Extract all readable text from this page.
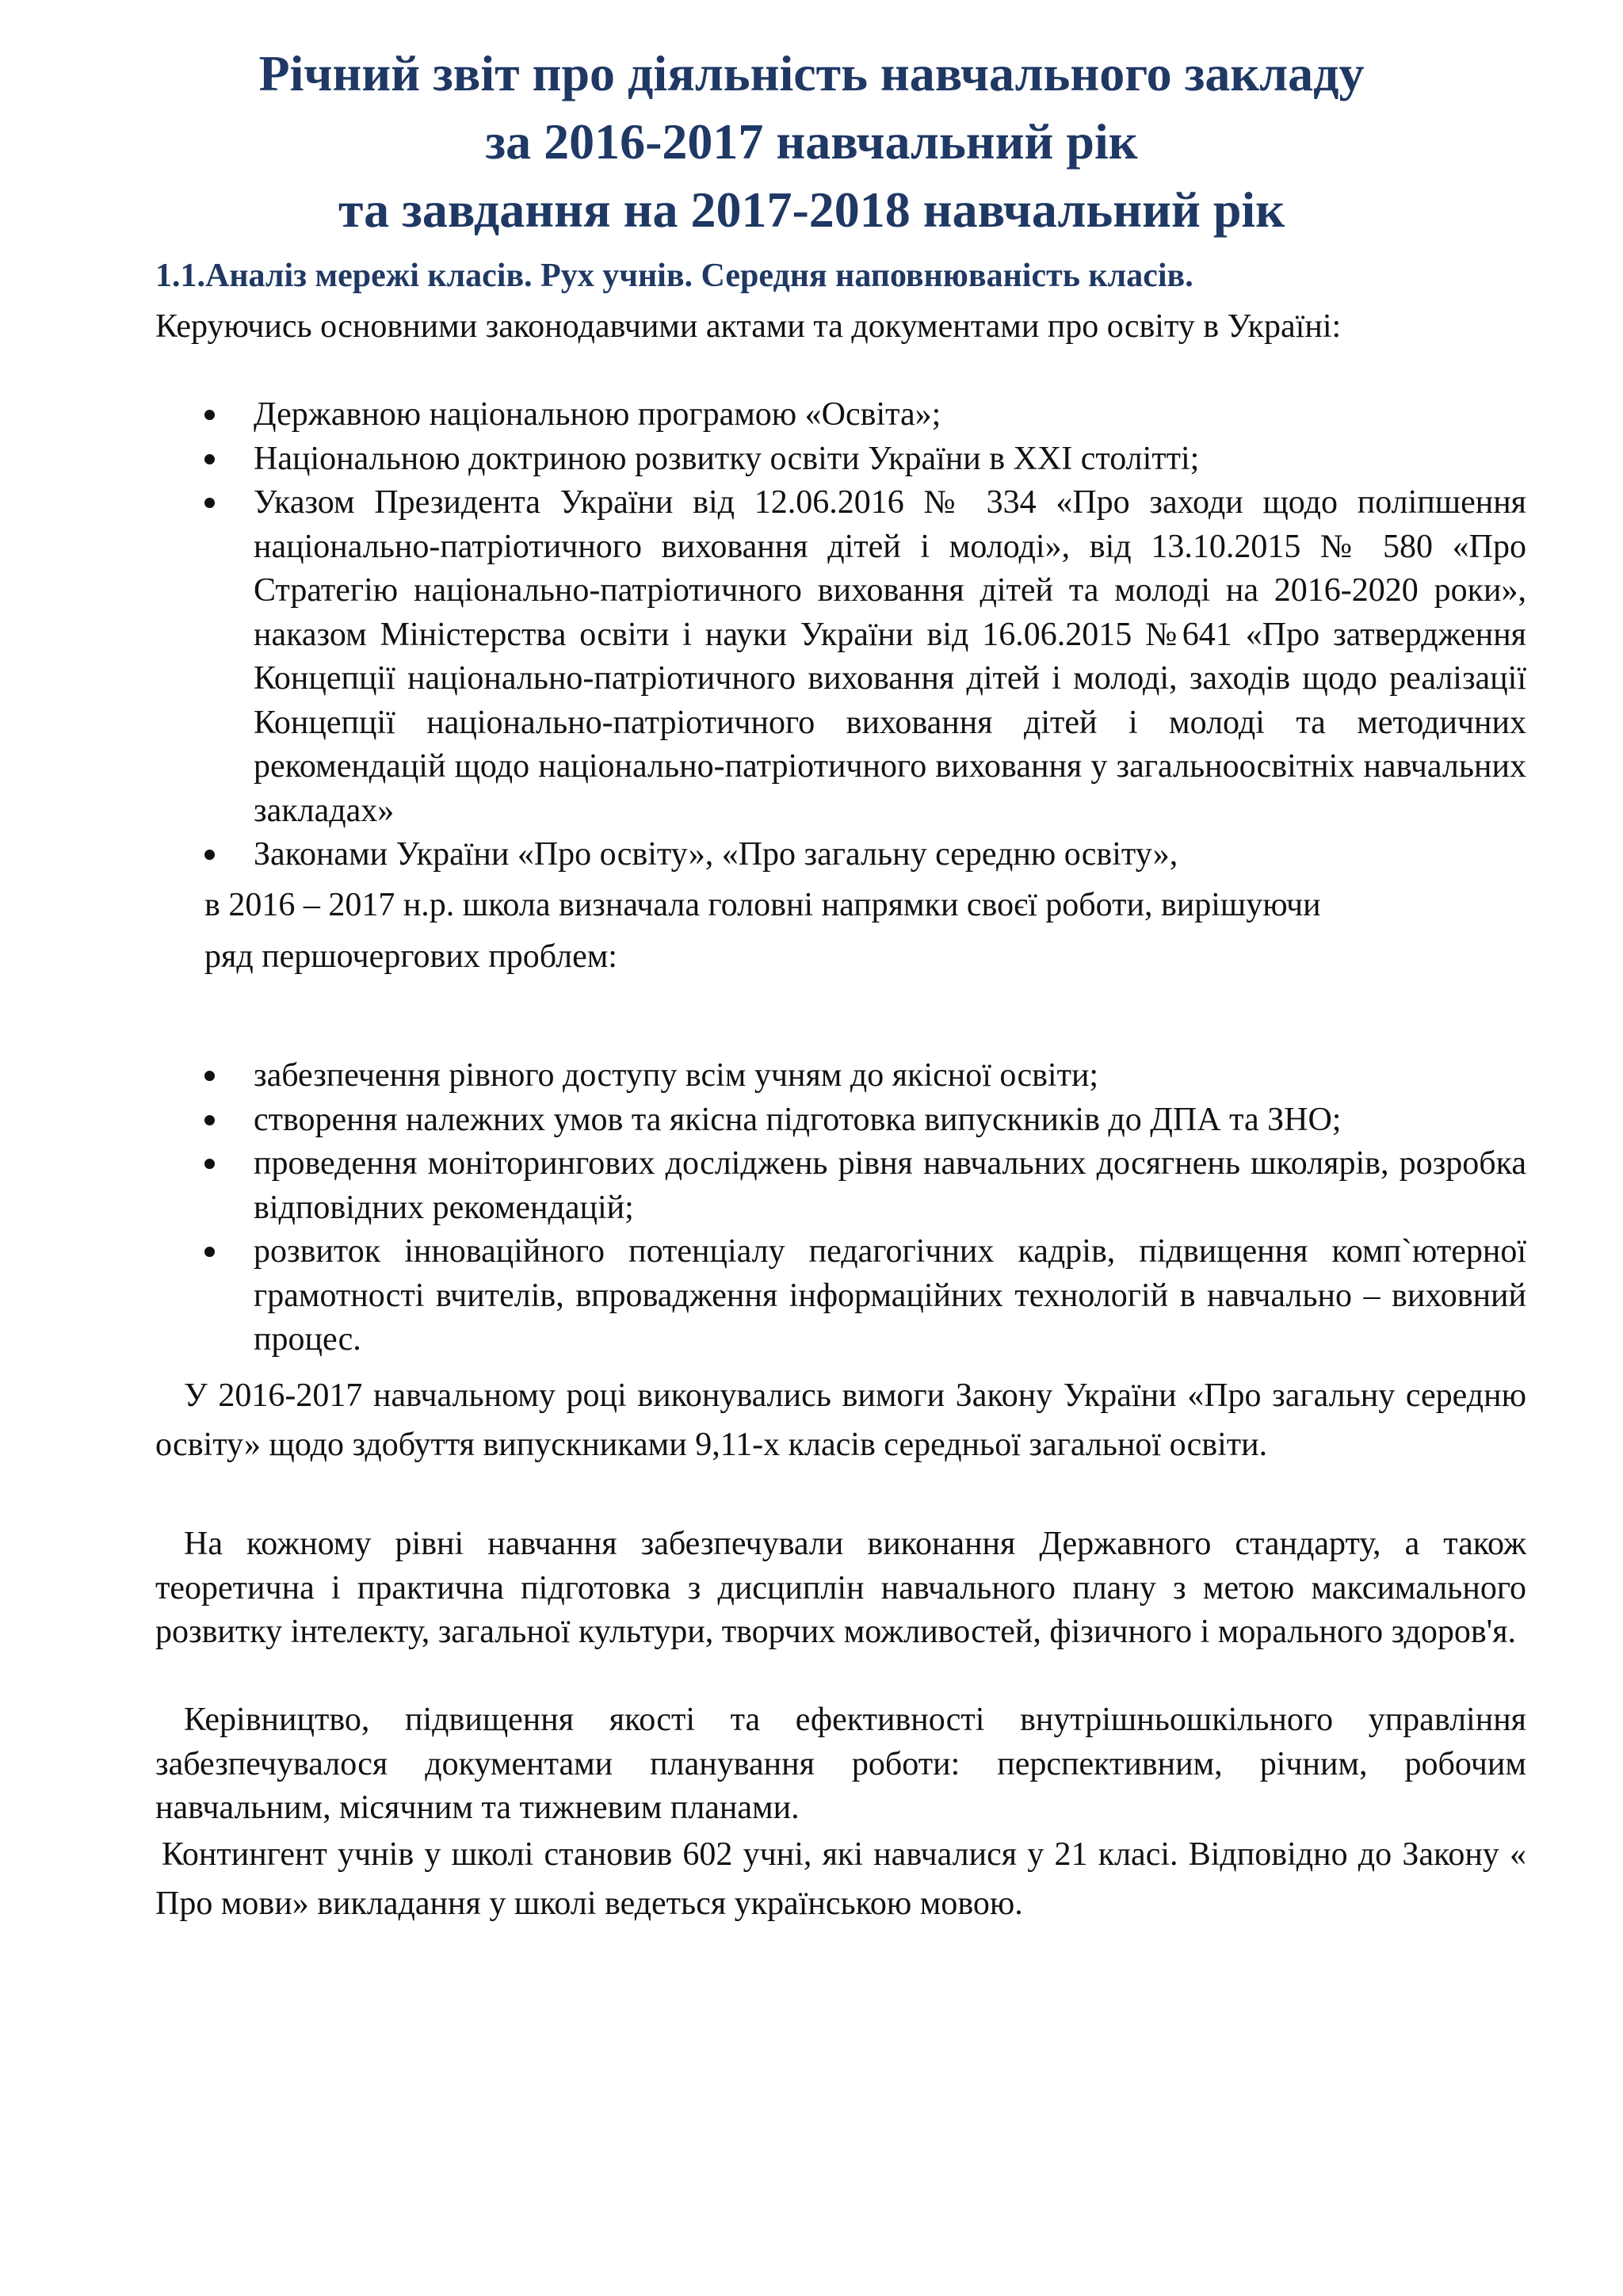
Річний звіт про діяльність навчального закладу
за 2016-2017 навчальний рік
та завдання на 2017-2018 навчальний рік
1.1.Аналіз мережі класів. Рух учнів. Середня наповнюваність класів.
Керуючись основними законодавчими актами та документами про освіту в Україні:
Державною національною програмою «Освіта»;
Національною доктриною розвитку освіти України в XXI столітті;
Указом Президента України від 12.06.2016 № 334 «Про заходи щодо поліпшення національно-патріотичного виховання дітей і молоді», від 13.10.2015 № 580 «Про Стратегію національно-патріотичного виховання дітей та молоді на 2016-2020 роки», наказом Міністерства освіти і науки України від 16.06.2015 №641 «Про затвердження Концепції національно-патріотичного виховання дітей і молоді, заходів щодо реалізації Концепції національно-патріотичного виховання дітей і молоді та методичних рекомендацій щодо національно-патріотичного виховання у загальноосвітніх навчальних закладах»
Законами України «Про освіту», «Про загальну середню освіту»,
в 2016 – 2017 н.р. школа визначала головні напрямки своєї роботи, вирішуючи
ряд першочергових проблем:
забезпечення рівного доступу всім учням до якісної освіти;
створення належних умов та якісна підготовка випускників до ДПА та ЗНО;
проведення моніторингових досліджень рівня навчальних досягнень школярів, розробка відповідних рекомендацій;
розвиток інноваційного потенціалу педагогічних кадрів, підвищення комп`ютерної грамотності вчителів, впровадження інформаційних технологій в навчально – виховний процес.

У 2016-2017 навчальному році виконувались вимоги Закону України «Про загальну середню освіту» щодо здобуття випускниками 9,11-х класів середньої загальної освіти.

На кожному рівні навчання забезпечували виконання Державного стандарту, а також теоретична і практична підготовка з дисциплін навчального плану з метою максимального розвитку інтелекту, загальної культури, творчих можливостей, фізичного і морального здоров'я.

Керівництво, підвищення якості та ефективності внутрішньошкільного управління забезпечувалося документами планування роботи: перспективним, річним, робочим навчальним, місячним та тижневим планами.

Контингент учнів у школі становив 602 учні, які навчалися у 21 класі. Відповідно до Закону « Про мови» викладання у школі ведеться українською мовою.
